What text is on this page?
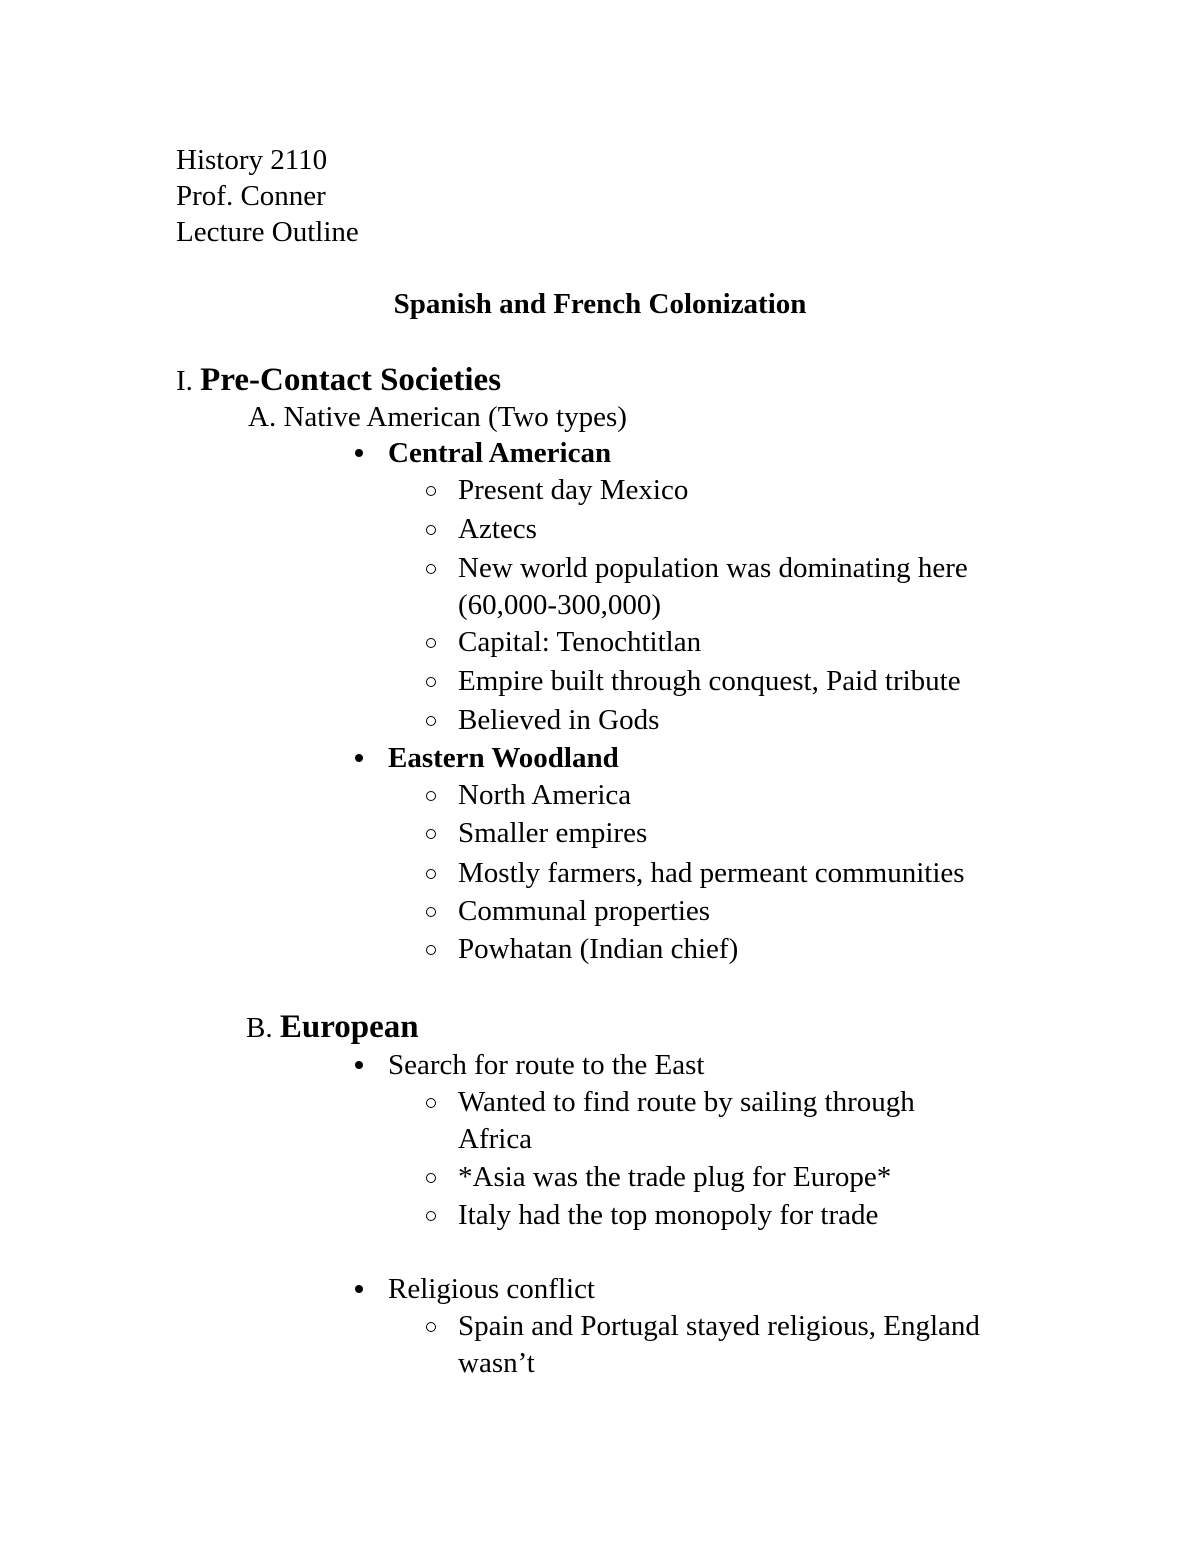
History 2110
Prof. Conner
Lecture Outline
Spanish and French Colonization
I. Pre-Contact Societies
A. Native American (Two types)
Central American
Present day Mexico
Aztecs
New world population was dominating here
(60,000-300,000)
Capital: Tenochtitlan
Empire built through conquest, Paid tribute
Believed in Gods
Eastern Woodland
North America
Smaller empires
Mostly farmers, had permeant communities
Communal properties
Powhatan (Indian chief)
B. European
Search for route to the East
Wanted to find route by sailing through
Africa
*Asia was the trade plug for Europe*
Italy had the top monopoly for trade
Religious conflict
Spain and Portugal stayed religious, England
wasn’t
